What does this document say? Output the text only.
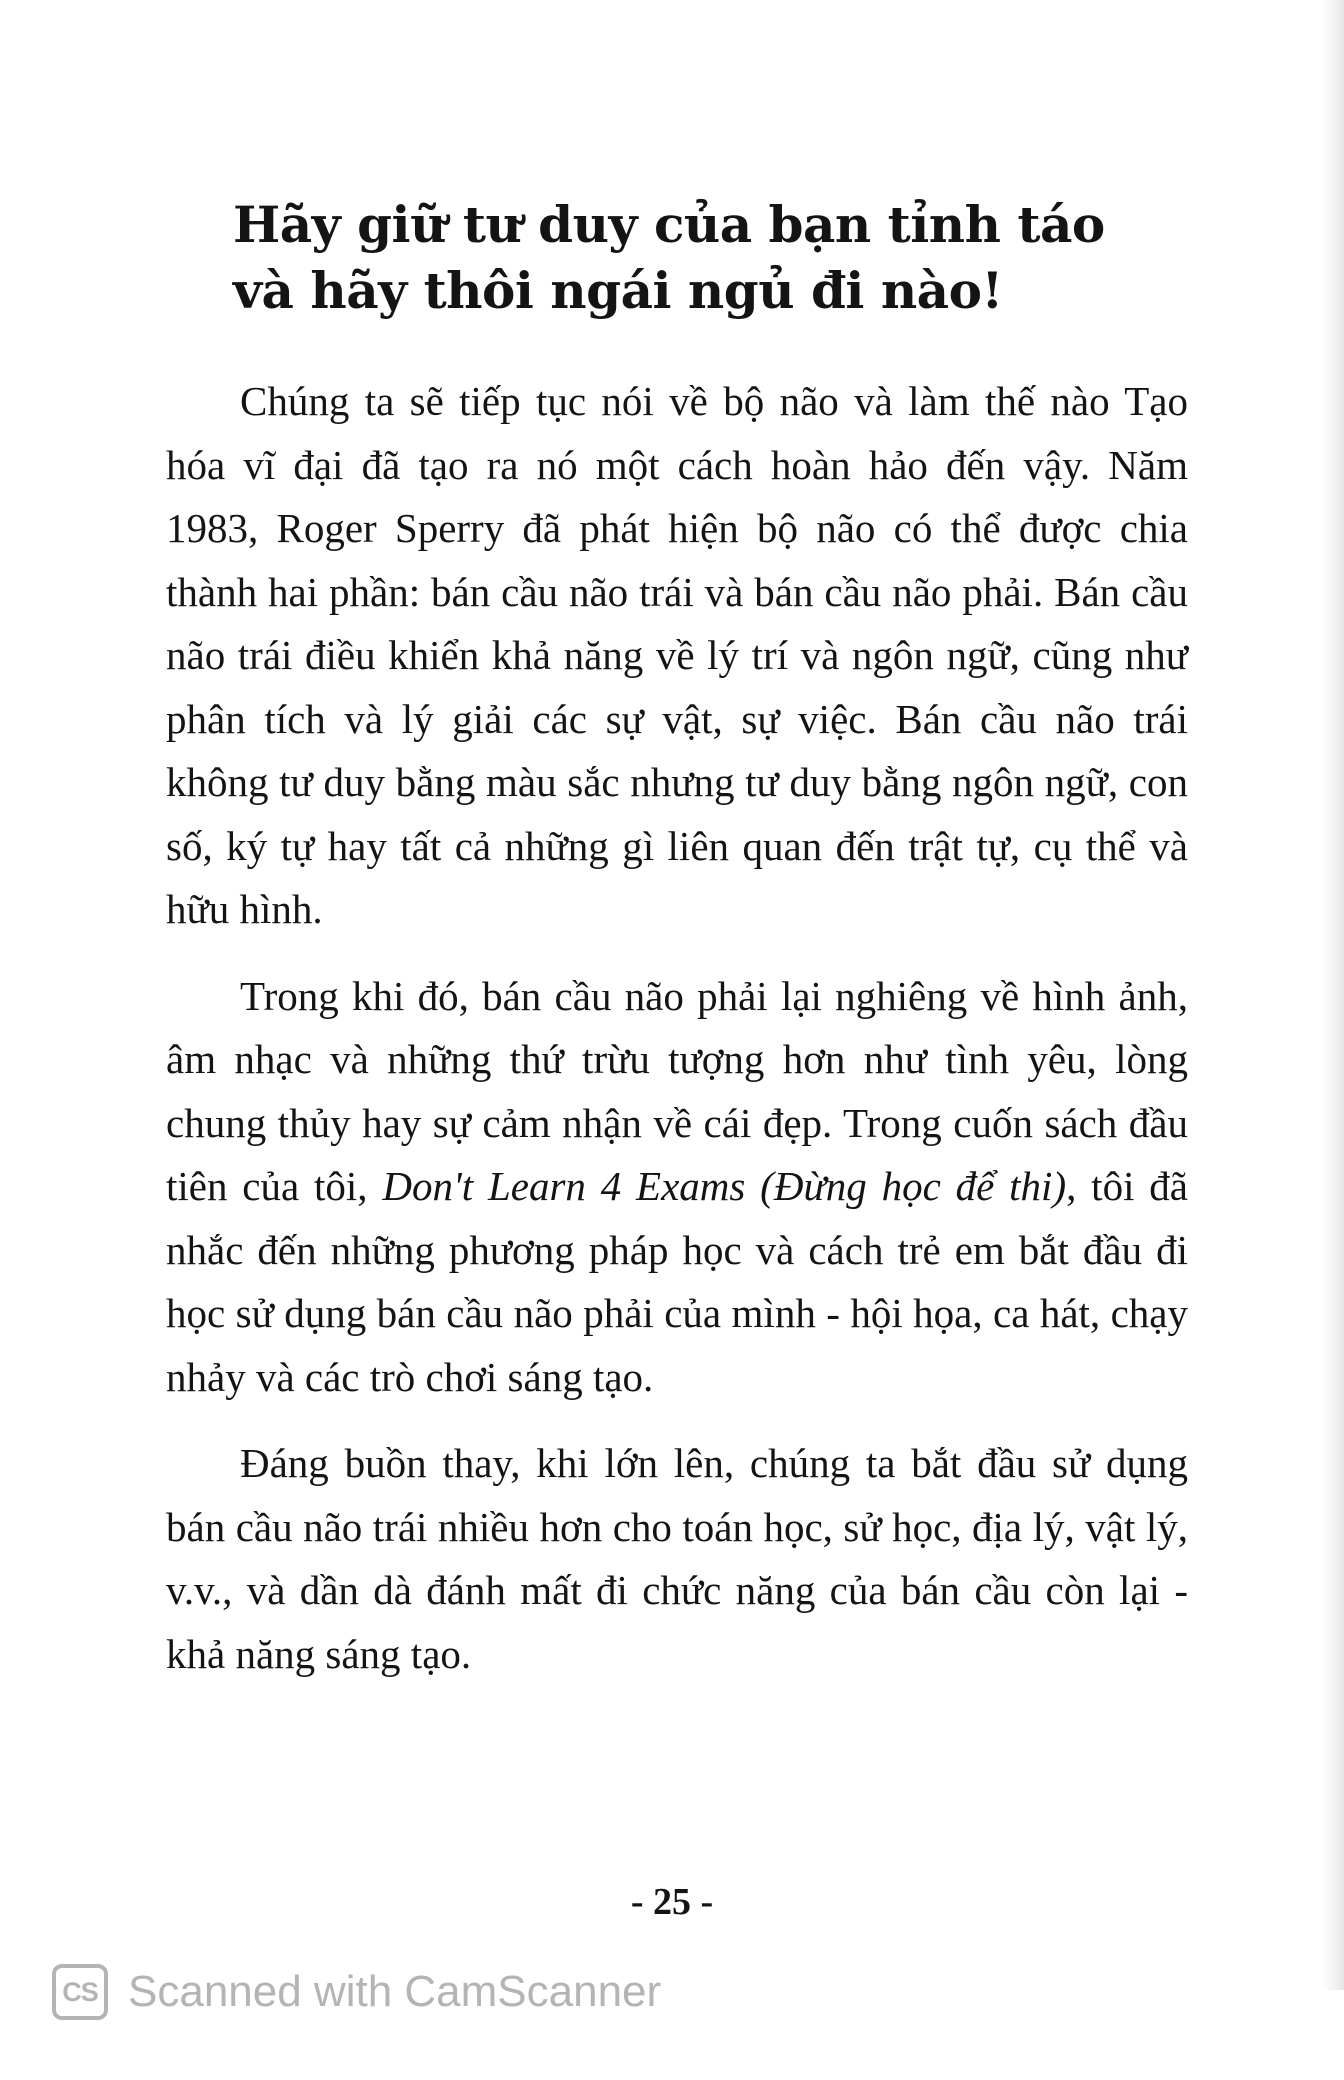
Hãy giữ tư duy của bạn tỉnh táo
và hãy thôi ngái ngủ đi nào!

Chúng ta sẽ tiếp tục nói về bộ não và làm thế nào Tạo hóa vĩ đại đã tạo ra nó một cách hoàn hảo đến vậy. Năm 1983, Roger Sperry đã phát hiện bộ não có thể được chia thành hai phần: bán cầu não trái và bán cầu não phải. Bán cầu não trái điều khiển khả năng về lý trí và ngôn ngữ, cũng như phân tích và lý giải các sự vật, sự việc. Bán cầu não trái không tư duy bằng màu sắc nhưng tư duy bằng ngôn ngữ, con số, ký tự hay tất cả những gì liên quan đến trật tự, cụ thể và hữu hình.

Trong khi đó, bán cầu não phải lại nghiêng về hình ảnh, âm nhạc và những thứ trừu tượng hơn như tình yêu, lòng chung thủy hay sự cảm nhận về cái đẹp. Trong cuốn sách đầu tiên của tôi, Don't Learn 4 Exams (Đừng học để thi), tôi đã nhắc đến những phương pháp học và cách trẻ em bắt đầu đi học sử dụng bán cầu não phải của mình - hội họa, ca hát, chạy nhảy và các trò chơi sáng tạo.

Đáng buồn thay, khi lớn lên, chúng ta bắt đầu sử dụng bán cầu não trái nhiều hơn cho toán học, sử học, địa lý, vật lý, v.v., và dần dà đánh mất đi chức năng của bán cầu còn lại - khả năng sáng tạo.

- 25 -
CS Scanned with CamScanner
